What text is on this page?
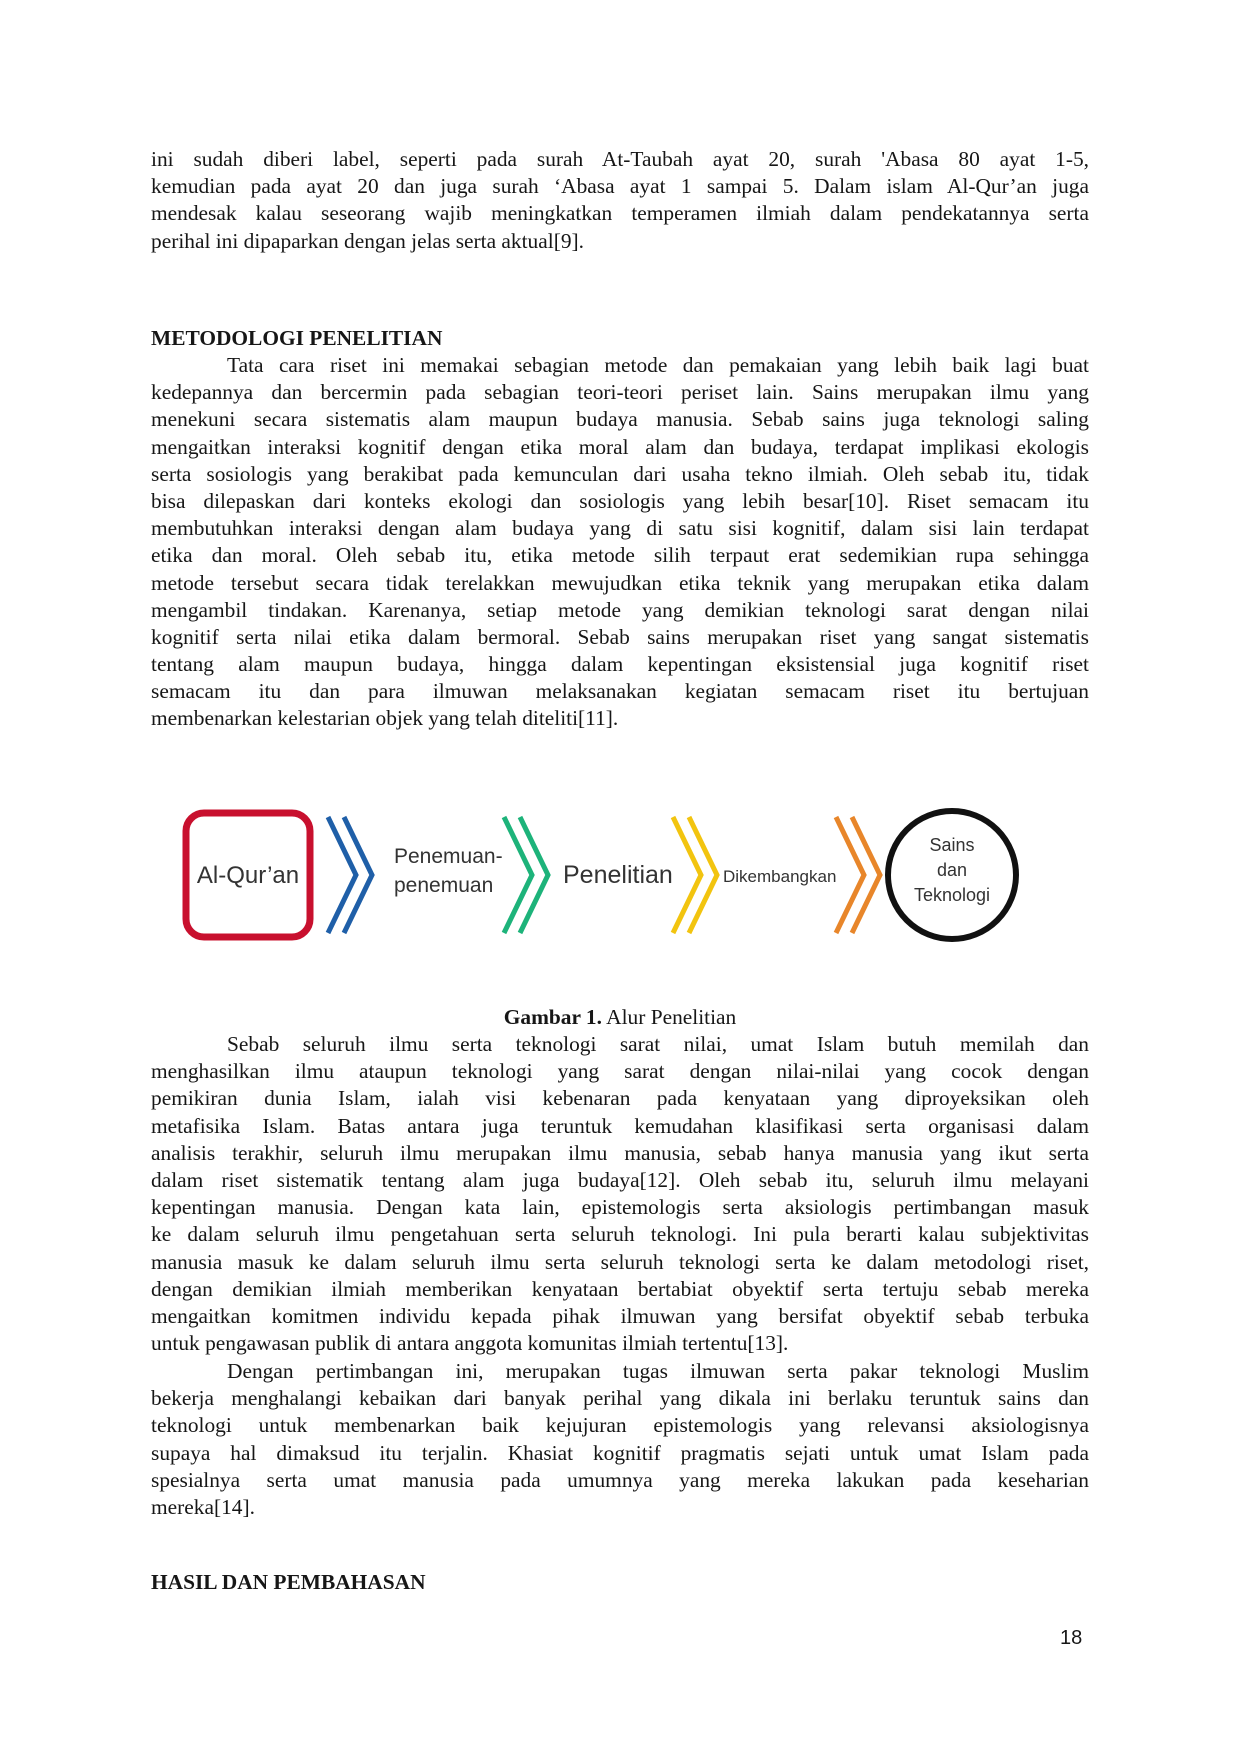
ini sudah diberi label, seperti pada surah At-Taubah ayat 20, surah 'Abasa 80 ayat 1-5,
kemudian pada ayat 20 dan juga surah ‘Abasa ayat 1 sampai 5. Dalam islam Al-Qur’an juga
mendesak kalau seseorang wajib meningkatkan temperamen ilmiah dalam pendekatannya serta
perihal ini dipaparkan dengan jelas serta aktual[9].
METODOLOGI PENELITIAN
Tata cara riset ini memakai sebagian metode dan pemakaian yang lebih baik lagi buat
kedepannya dan bercermin pada sebagian teori-teori periset lain. Sains merupakan ilmu yang
menekuni secara sistematis alam maupun budaya manusia. Sebab sains juga teknologi saling
mengaitkan interaksi kognitif dengan etika moral alam dan budaya, terdapat implikasi ekologis
serta sosiologis yang berakibat pada kemunculan dari usaha tekno ilmiah. Oleh sebab itu, tidak
bisa dilepaskan dari konteks ekologi dan sosiologis yang lebih besar[10]. Riset semacam itu
membutuhkan interaksi dengan alam budaya yang di satu sisi kognitif, dalam sisi lain terdapat
etika dan moral. Oleh sebab itu, etika metode silih terpaut erat sedemikian rupa sehingga
metode tersebut secara tidak terelakkan mewujudkan etika teknik yang merupakan etika dalam
mengambil tindakan. Karenanya, setiap metode yang demikian teknologi sarat dengan nilai
kognitif serta nilai etika dalam bermoral. Sebab sains merupakan riset yang sangat sistematis
tentang alam maupun budaya, hingga dalam kepentingan eksistensial juga kognitif riset
semacam itu dan para ilmuwan melaksanakan kegiatan semacam riset itu bertujuan
membenarkan kelestarian objek yang telah diteliti[11].
Al-Qur’an
Penemuan-
penemuan	Penelitian	Dikembangkan
Sains
dan
Teknologi
Gambar 1. Alur Penelitian
Sebab seluruh ilmu serta teknologi sarat nilai, umat Islam butuh memilah dan
menghasilkan ilmu ataupun teknologi yang sarat dengan nilai-nilai yang cocok dengan
pemikiran dunia Islam, ialah visi kebenaran pada kenyataan yang diproyeksikan oleh
metafisika Islam. Batas antara juga teruntuk kemudahan klasifikasi serta organisasi dalam
analisis terakhir, seluruh ilmu merupakan ilmu manusia, sebab hanya manusia yang ikut serta
dalam riset sistematik tentang alam juga budaya[12]. Oleh sebab itu, seluruh ilmu melayani
kepentingan manusia. Dengan kata lain, epistemologis serta aksiologis pertimbangan masuk
ke dalam seluruh ilmu pengetahuan serta seluruh teknologi. Ini pula berarti kalau subjektivitas
manusia masuk ke dalam seluruh ilmu serta seluruh teknologi serta ke dalam metodologi riset,
dengan demikian ilmiah memberikan kenyataan bertabiat obyektif serta tertuju sebab mereka
mengaitkan komitmen individu kepada pihak ilmuwan yang bersifat obyektif sebab terbuka
untuk pengawasan publik di antara anggota komunitas ilmiah tertentu[13].
Dengan pertimbangan ini, merupakan tugas ilmuwan serta pakar teknologi Muslim
bekerja menghalangi kebaikan dari banyak perihal yang dikala ini berlaku teruntuk sains dan
teknologi untuk membenarkan baik kejujuran epistemologis yang relevansi aksiologisnya
supaya hal dimaksud itu terjalin. Khasiat kognitif pragmatis sejati untuk umat Islam pada
spesialnya serta umat manusia pada umumnya yang mereka lakukan pada keseharian
mereka[14].
HASIL DAN PEMBAHASAN
18
